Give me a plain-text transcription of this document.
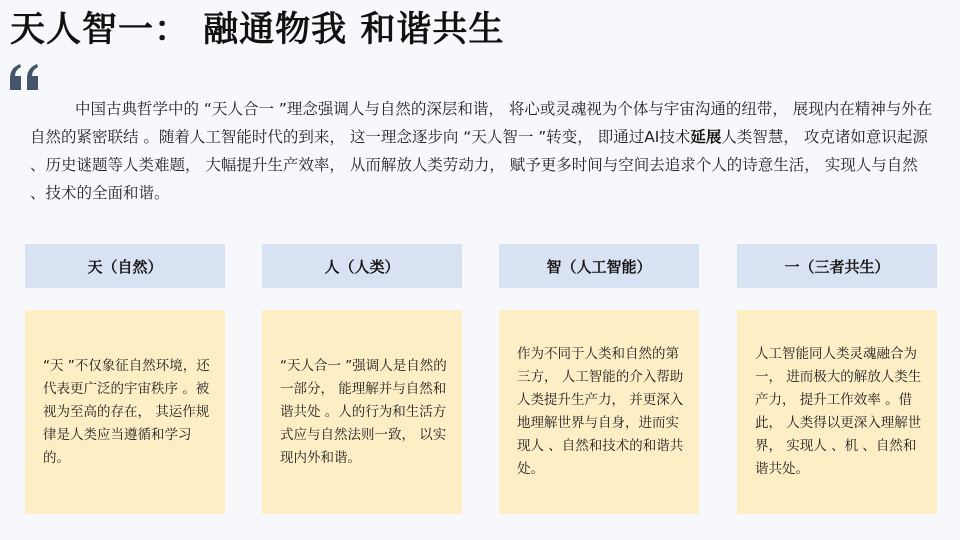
天人智一： 融通物我 和谐共生

中国古典哲学中的 “天人合一 ”理念强调人与自然的深层和谐， 将心或灵魂视为个体与宇宙沟通的纽带， 展现内在精神与外在自然的紧密联结 。随着人工智能时代的到来， 这一理念逐步向 “天人智一 ”转变， 即通过AI技术延展人类智慧， 攻克诸如意识起源 、历史谜题等人类难题， 大幅提升生产效率， 从而解放人类劳动力， 赋予更多时间与空间去追求个人的诗意生活， 实现人与自然 、技术的全面和谐。

天（自然）	人（人类）	智（人工智能）	一（三者共生）
“天 ”不仅象征自然环境，还代表更广泛的宇宙秩序 。被视为至高的存在， 其运作规律是人类应当遵循和学习的。
“天人合一 ”强调人是自然的一部分， 能理解并与自然和谐共处 。人的行为和生活方式应与自然法则一致， 以实现内外和谐。
作为不同于人类和自然的第三方， 人工智能的介入帮助人类提升生产力， 并更深入地理解世界与自身，进而实现人 、自然和技术的和谐共处。
人工智能同人类灵魂融合为一， 进而极大的解放人类生产力， 提升工作效率 。借此， 人类得以更深入理解世界， 实现人 、机 、自然和谐共处。
